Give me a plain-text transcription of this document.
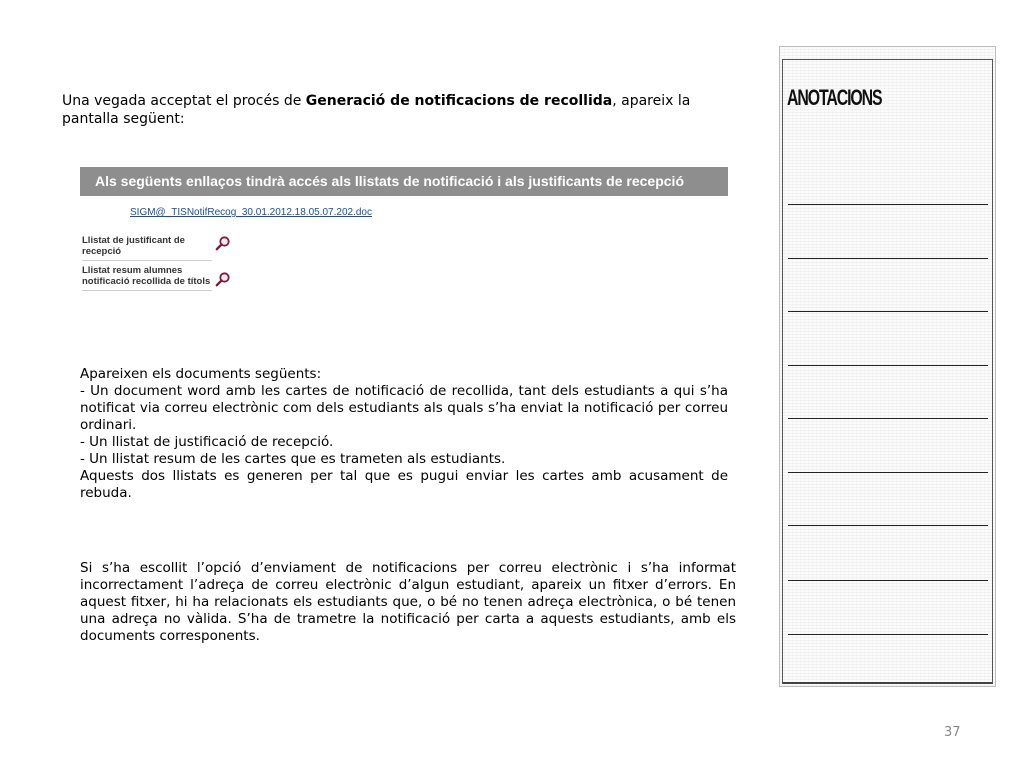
Una vegada acceptat el procés de Generació de notificacions de recollida, apareix la pantalla següent:
Als següents enllaços tindrà accés als llistats de notificació i als justificants de recepció
SIGM@_TISNotifRecog_30.01.2012.18.05.07.202.doc
Llistat de justificant de recepció
Llistat resum alumnes notificació recollida de títols

Apareixen els documents següents:

- Un document word amb les cartes de notificació de recollida, tant dels estudiants a qui s’ha notificat via correu electrònic com dels estudiants als quals s’ha enviat la notificació per correu ordinari.

- Un llistat de justificació de recepció.

- Un llistat resum de les cartes que es trameten als estudiants.

Aquests dos llistats es generen per tal que es pugui enviar les cartes amb acusament de rebuda.

Si s’ha escollit l’opció d’enviament de notificacions per correu electrònic i s’ha informat incorrectament l’adreça de correu electrònic d’algun estudiant, apareix un fitxer d’errors. En aquest fitxer, hi ha relacionats els estudiants que, o bé no tenen adreça electrònica, o bé tenen una adreça no vàlida. S’ha de trametre la notificació per carta a aquests estudiants, amb els documents corresponents.

ANOTACIONS
37
